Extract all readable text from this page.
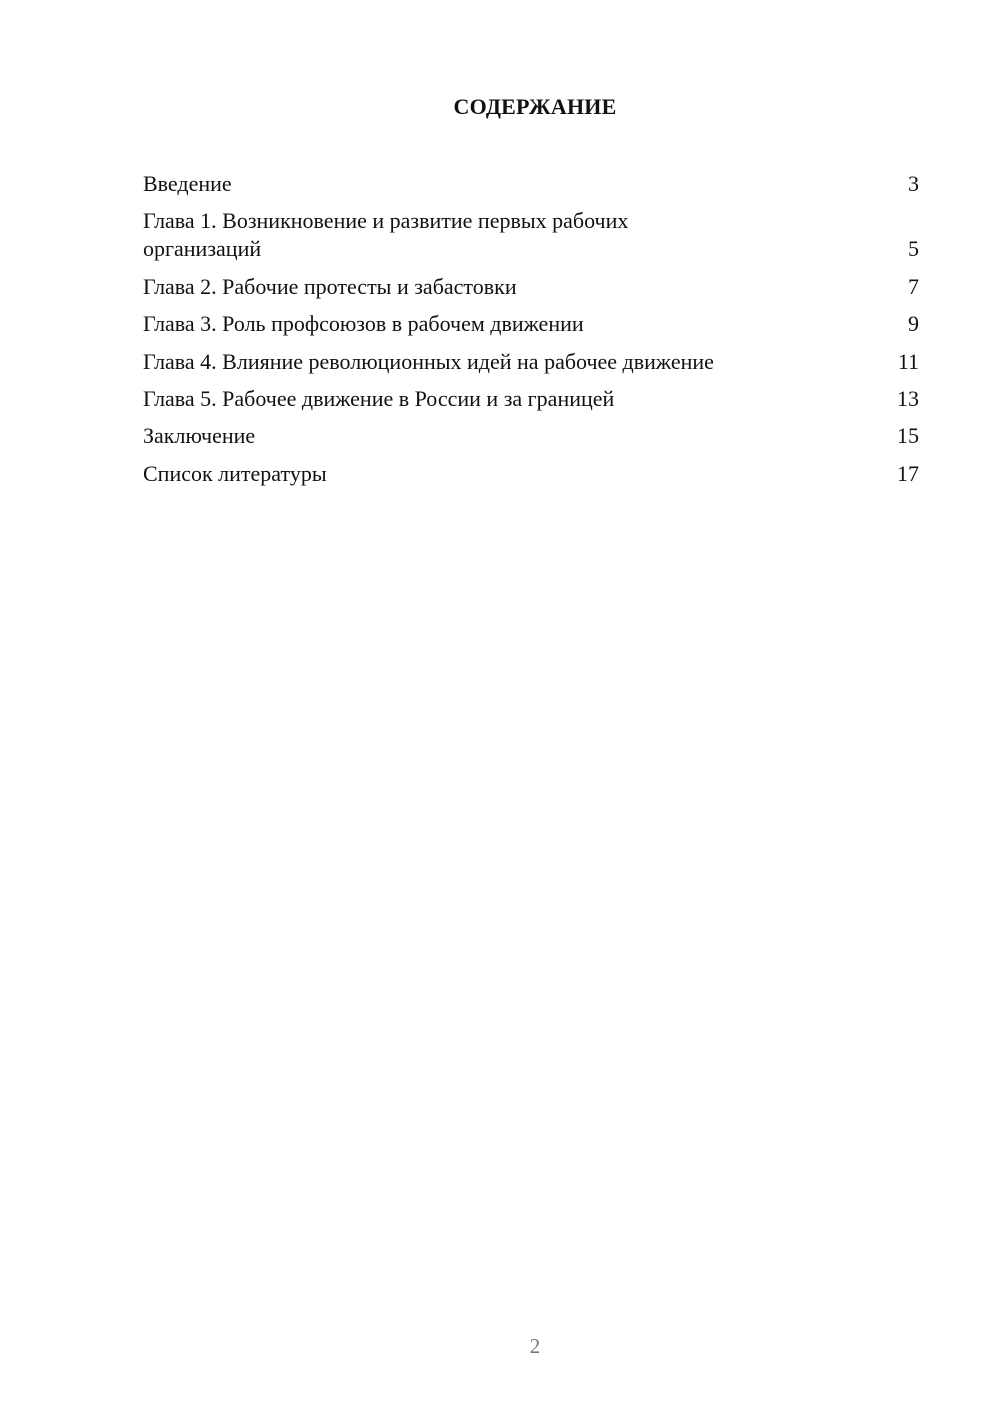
СОДЕРЖАНИЕ
Введение	3
Глава 1. Возникновение и развитие первых рабочих организаций	5
Глава 2. Рабочие протесты и забастовки	7
Глава 3. Роль профсоюзов в рабочем движении	9
Глава 4. Влияние революционных идей на рабочее движение	11
Глава 5. Рабочее движение в России и за границей	13
Заключение	15
Список литературы	17
2
